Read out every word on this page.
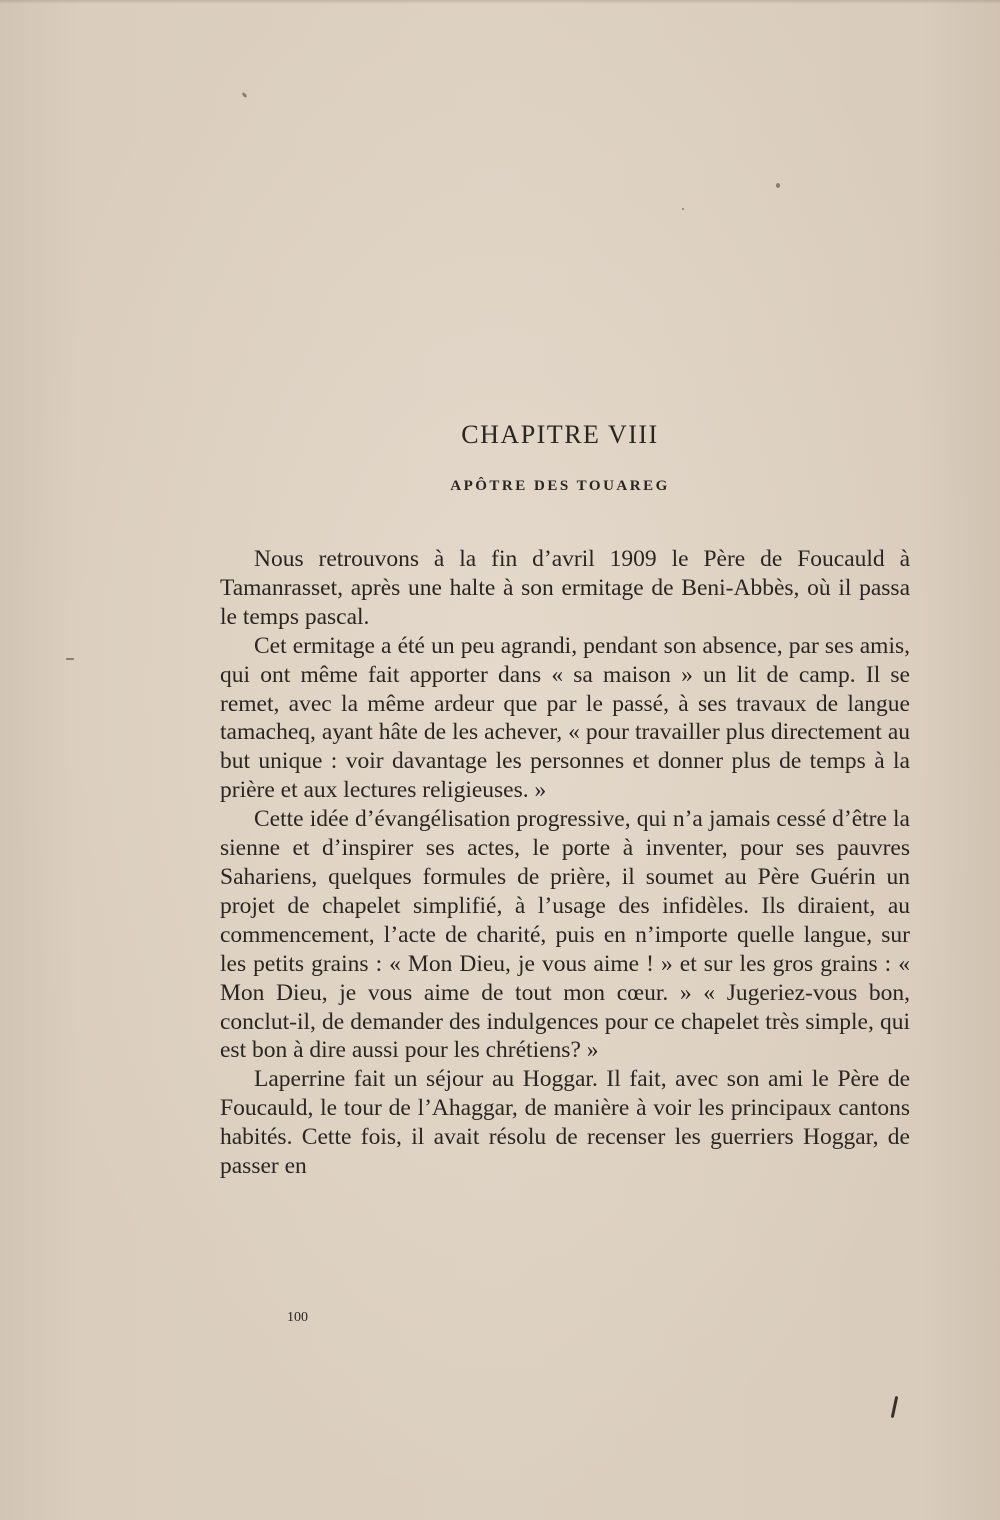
CHAPITRE VIII
APÔTRE DES TOUAREG

Nous retrouvons à la fin d’avril 1909 le Père de Foucauld à Tamanrasset, après une halte à son ermitage de Beni-Abbès, où il passa le temps pascal.

Cet ermitage a été un peu agrandi, pendant son absence, par ses amis, qui ont même fait apporter dans « sa maison » un lit de camp. Il se remet, avec la même ardeur que par le passé, à ses travaux de langue tamacheq, ayant hâte de les achever, « pour travailler plus directement au but unique : voir davantage les personnes et donner plus de temps à la prière et aux lectures religieuses. »

Cette idée d’évangélisation progressive, qui n’a jamais cessé d’être la sienne et d’inspirer ses actes, le porte à inventer, pour ses pauvres Sahariens, quelques formules de prière, il soumet au Père Guérin un projet de chapelet simplifié, à l’usage des infidèles. Ils diraient, au commencement, l’acte de charité, puis en n’importe quelle langue, sur les petits grains : « Mon Dieu, je vous aime ! » et sur les gros grains : « Mon Dieu, je vous aime de tout mon cœur. » « Jugeriez-vous bon, conclut-il, de demander des indulgences pour ce chapelet très simple, qui est bon à dire aussi pour les chrétiens? »

Laperrine fait un séjour au Hoggar. Il fait, avec son ami le Père de Foucauld, le tour de l’Ahaggar, de manière à voir les principaux cantons habités. Cette fois, il avait résolu de recenser les guerriers Hoggar, de passer en

100
